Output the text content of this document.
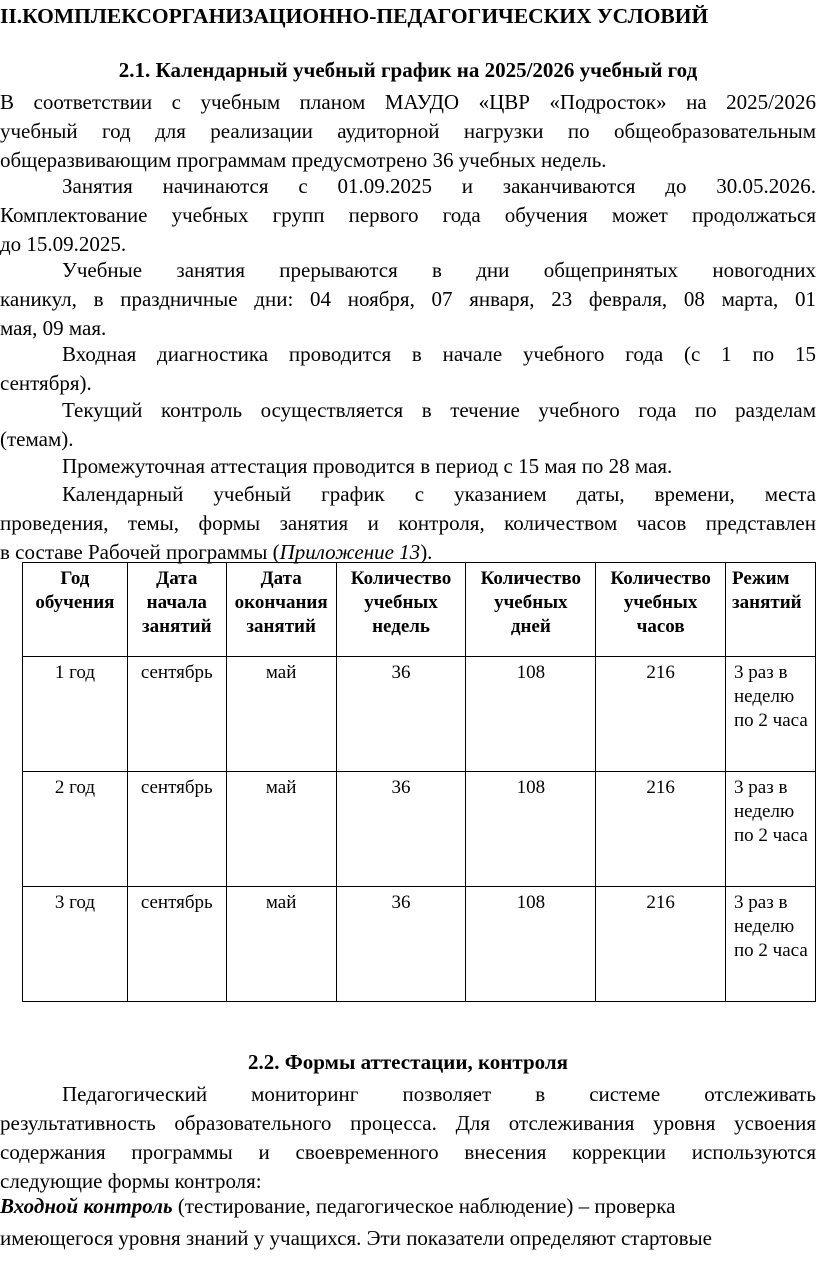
II.КОМПЛЕКСОРГАНИЗАЦИОННО-ПЕДАГОГИЧЕСКИХ УСЛОВИЙ
2.1. Календарный учебный график на 2025/2026 учебный год
В соответствии с учебным планом МАУДО «ЦВР «Подросток» на 2025/2026
учебный год для реализации аудиторной нагрузки по общеобразовательным
общеразвивающим программам предусмотрено 36 учебных недель.
Занятия начинаются с 01.09.2025 и заканчиваются до 30.05.2026.
Комплектование учебных групп первого года обучения может продолжаться
до 15.09.2025.
Учебные занятия прерываются в дни общепринятых новогодних
каникул, в праздничные дни: 04 ноября, 07 января, 23 февраля, 08 марта, 01
мая, 09 мая.
Входная диагностика проводится в начале учебного года (с 1 по 15
сентября).
Текущий контроль осуществляется в течение учебного года по разделам
(темам).
Промежуточная аттестация проводится в период с 15 мая по 28 мая.
Календарный учебный график с указанием даты, времени, места
проведения, темы, формы занятия и контроля, количеством часов представлен
в составе Рабочей программы (Приложение 13).
Год обучения	Дата начала занятий	Дата окончания занятий	Количество учебных недель	Количество учебных дней	Количество учебных часов	Режим занятий
1 год	сентябрь	май	36	108	216	3 раз в неделю по 2 часа
2 год	сентябрь	май	36	108	216	3 раз в неделю по 2 часа
3 год	сентябрь	май	36	108	216	3 раз в неделю по 2 часа
2.2. Формы аттестации, контроля
Педагогический мониторинг позволяет в системе отслеживать
результативность образовательного процесса. Для отслеживания уровня усвоения
содержания программы и своевременного внесения коррекции используются
следующие формы контроля:
Входной контроль (тестирование, педагогическое наблюдение) – проверка
имеющегося уровня знаний у учащихся. Эти показатели определяют стартовые
